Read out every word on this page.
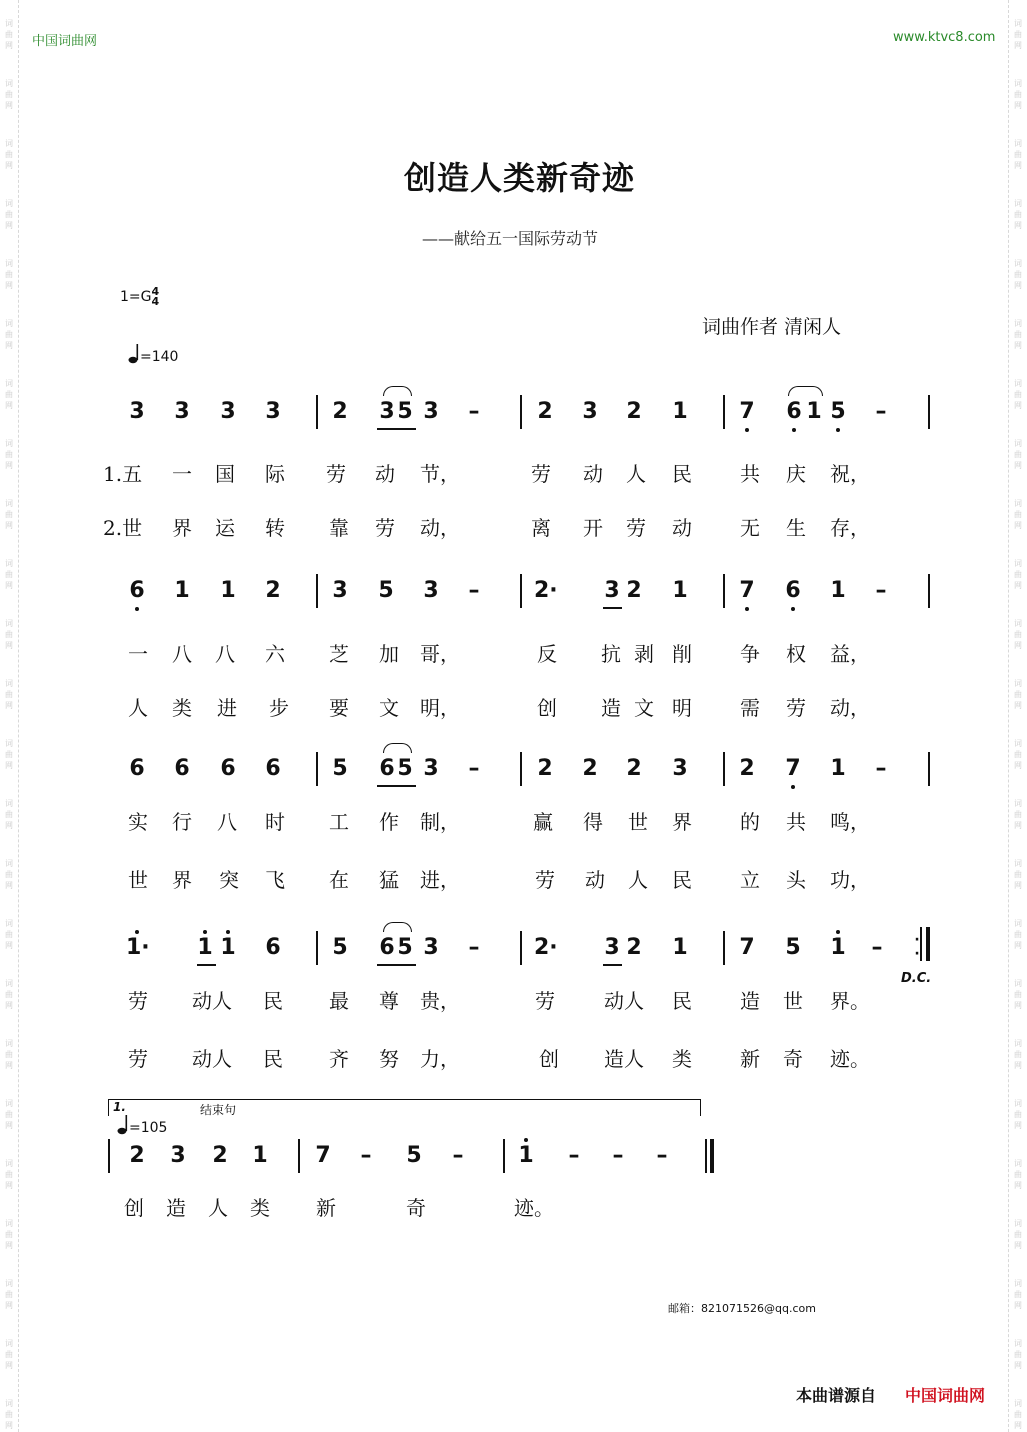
词
曲
网
词
曲
网
词
曲
网
词
曲
网
词
曲
网
词
曲
网
词
曲
网
词
曲
网
词
曲
网
词
曲
网
词
曲
网
词
曲
网
词
曲
网
词
曲
网
词
曲
网
词
曲
网
词
曲
网
词
曲
网
词
曲
网
词
曲
网
词
曲
网
词
曲
网
词
曲
网
词
曲
网
词
曲
网
词
曲
网
词
曲
网
词
曲
网
词
曲
网
词
曲
网
词
曲
网
词
曲
网
词
曲
网
词
曲
网
词
曲
网
词
曲
网
词
曲
网
词
曲
网
词
曲
网
词
曲
网
词
曲
网
词
曲
网
词
曲
网
词
曲
网
词
曲
网
词
曲
网
词
曲
网
词
曲
网
中国词曲网	www.ktvc8.com
创造人类新奇迹
——献给五一国际劳动节
1=G4
4
词曲作者 清闲人
=140
3 3 3 3 2 3 5 3 –	2 3 2 1 7 6 1 5 –
1.五 一 国 际 劳 动 节，	劳 动 人 民 共 庆 祝，
2.世 界 运 转 靠 劳 动，	离 开 劳 动 无 生 存，
6 1 1 2 3 5 3 – 2· 3 2 1 7 6 1 –
一 八 八 六 芝 加 哥，	反 抗 剥 削 争 权 益，
人 类 进 步 要 文 明，	创 造 文 明 需 劳 动，
6 6 6 6 5 6 5 3 –	2 2 2 3 2 7 1 –
实 行 八 时 工 作 制，	赢 得 世 界 的 共 鸣，
世 界 突 飞 在 猛 进，	劳 动 人 民 立 头 功，
1· 1 1 6 5 6 5 3 – 2· 3 2 1 7 5 1 –
劳 动人 民 最 尊 贵，	劳 动人 民 造 世 界。
劳 动人 民 齐 努 力，	创 造人 类 新 奇 迹。
·
·
D.C.
2 3 2 1 7 – 5 – 1 – – –
创 造 人 类 新	奇	迹。
1.	结束句
=105
邮箱：821071526@qq.com
本曲谱源自 中国词曲网
